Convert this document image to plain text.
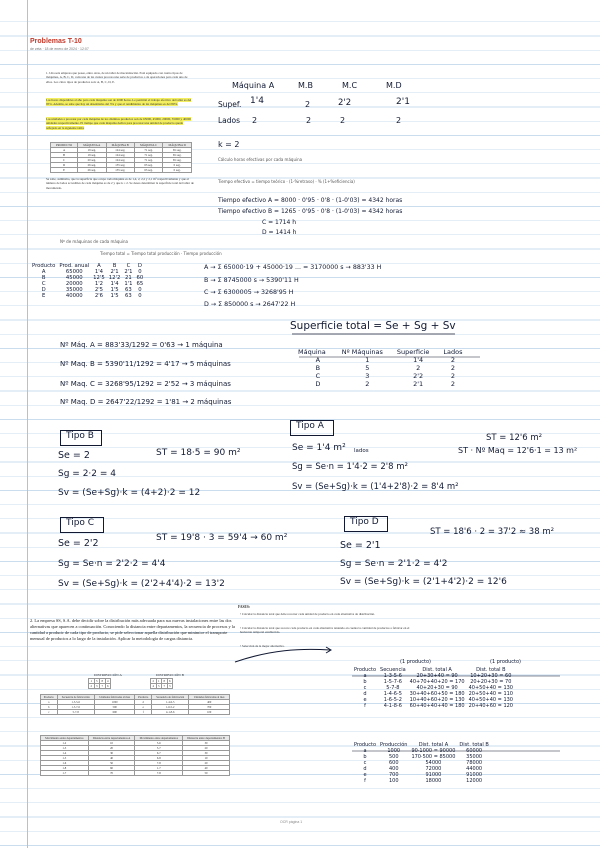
Problemas T-10
de zeta · 18 de enero de 2024 · 12:07
1. Una seis empresa que posee, entre otras, de un taller de mecanización. Está equipado con cuatro tipos de máquinas, A, B, C, D, cada una de las cuales procesa una serie de productos o de operaciones para cada uno de ellos. Los cinco tipos de productos son: A, B, C, D, E.
Las horas disponibles al año para cada máquina son de 2000 horas. Le permitió el trabajo efectivo del taller es del 95%. Además, se sabe que hay un absentismo del 3% y que el rendimiento de las máquinas es del 80%.
Las unidades a procesar por cada máquina de los distintos productos son de 65000, 45000, 20000, 35000 y 40000 unidades respectivamente. El tiempo que cada máquina dedica para procesar una unidad de producto queda reflejado en la siguiente tabla:
PRODUCTO	MÁQUINA A	MÁQUINA B	MÁQUINA C	MÁQUINA D
A	19 seg.	124 seg.	71 seg.	65 seg.
B	19 seg.	124 seg.	71 seg.	65 seg.
C	20 seg.	124 seg.	71 seg.	65 seg.
D	26 seg.	135 seg.	63 seg.	0 seg.
E	26 seg.	135 seg.	63 seg.	0 seg.
Se sabe, asimismo, que la superficie que ocupa cada máquina es de 1,4, 2, 2,2 y 2,1 m² respectivamente y que el número de lados accesibles de cada máquina es de 2 y que k = 2. Se desea determinar la superficie total del taller de mecanizado.
Máquina A	M.B	M.C	M.D
Supef. 1'4	2	2'2	2'1
Lados 2	2	2	2
k = 2
Cálculo horas efectivas por cada máquina
Tiempo efectivo = tiempo teórico · (1-%retraso) · % (1+%eficiencia)
Tiempo efectivo A = 8000 · 0'95 · 0'8 · (1-0'03) = 4342 horas
Tiempo efectivo B = 1265 · 0'95 · 0'8 · (1-0'03) = 4342 horas
C = 1714 h
D = 1414 h
Nº de máquinas de cada máquina
Tiempo total = Tiempo total producción · Tiempo producción
Producto	Prod. anual	A	B	C	D
A	65000	1'4	2'1	2'1	0
B	45000	12'5	12'2	21	60
C	20000	1'2	1'4	1'1	65
D	35000	2'5	1'5	63	0
E	40000	2'6	1'5	63	0
A → Σ 65000·19 + 45000·19 ... = 3170000 s → 883'33 H
B → Σ 8745000 s → 5390'11 H
C → Σ 6300005 → 3268'95 H
D → Σ 850000 s → 2647'22 H
Nº Máq. A = 883'33/1292 = 0'63 → 1 máquina
Nº Maq. B = 5390'11/1292 = 4'17 → 5 máquinas
Nº Maq. C = 3268'95/1292 = 2'52 → 3 máquinas
Nº Maq. D = 2647'22/1292 = 1'81 → 2 máquinas
Superficie total = Se + Sg + Sv
Máquina	Nº Máquinas	Superficie	Lados
A	1	1'4	2
B	5	2	2
C	3	2'2	2
D	2	2'1	2
Tipo B
Se = 2
Sg = 2·2 = 4
Sv = (Se+Sg)·k = (4+2)·2 = 12
ST = 18·5 = 90 m²
Tipo A
Se = 1'4 m² lados
Sg = Se·n = 1'4·2 = 2'8 m²
Sv = (Se+Sg)·k = (1'4+2'8)·2 = 8'4 m²
ST = 12'6 m²
ST · Nº Maq = 12'6·1 = 13 m²
Tipo C
Se = 2'2
Sg = Se·n = 2'2·2 = 4'4
Sv = (Se+Sg)·k = (2'2+4'4)·2 = 13'2
ST = 19'8 · 3 = 59'4 → 60 m²
Tipo D
Se = 2'1
Sg = Se·n = 2'1·2 = 4'2
Sv = (Se+Sg)·k = (2'1+4'2)·2 = 12'6
ST = 18'6 · 2 = 37'2 ≈ 38 m²
2. La empresa SS, S.A. debe decidir sobre la distribución más adecuada para sus nuevas instalaciones entre las dos alternativas que aparecen a continuación. Conociendo la distancia entre departamentos, la secuencia de procesos y la cantidad a producir de cada tipo de producto, se pide seleccionar aquella distribución que minimice el transporte mensual de productos a lo largo de la instalación. Aplicar la metodología de cargas distancia.
DISTRIBUCIÓN A	DISTRIBUCIÓN B
1	5	8	4
2	3	7	6
2	1	8	6
4	5	7	3
Producto	Secuencia de fabricación	Unidades fabricadas al mes	Producto	Secuencia de fabricación	Unidades fabricadas al mes
a	1-3-5-6	1000	d	1-4-6-5	400
b	1-5-7-6	500	e	1-6-5-2	700
c	5-7-8	600	f	4-1-8-6	100
Movimiento entre departamentos	Distancia entre departamentos A	Movimiento entre departamentos	Distancia entre departamentos B
1-2	10	5-6	30
1-3	20	5-7	20
1-4	30	6-7	30
1-5	40	6-8	10
1-6	50	7-8	20
1-8	60	1-7	40
1-7	70	7-8	50
FASES:
• Calcular la distancia total que debe recorrer cada unidad de producto en cada alternativa de distribución.
• Calcular la distancia total que recorre cada producto en cada alternativa teniendo en cuenta la cantidad de productos a fabricar en el horizonte temporal establecido.
• Selección de la mejor alternativa.
(1 producto)	(1 producto)
Producto	Secuencia	Dist. total A	Dist. total B
a	1-3-5-6	20+30+40 = 90	10+20+30 = 60
b	1-5-7-6	40+70+40+20 = 170	20+20+30 = 70
c	5-7-8	40+20+30 = 90	40+50+40 = 130
d	1-4-6-5	30+40+60+50 = 180	20+50+40 = 110
e	1-6-5-2	10+40+60+20 = 130	40+50+40 = 130
f	4-1-8-6	60+40+40+40 = 180	20+40+60 = 120
Producto	Producción	Dist. total A	Dist. total B
a	1000	90·1000 = 90000	60000
b	500	170·500 = 85000	35000
c	600	54000	78000
d	400	72000	44000
e	700	91000	91000
f	100	18000	12000
OCR página 1
